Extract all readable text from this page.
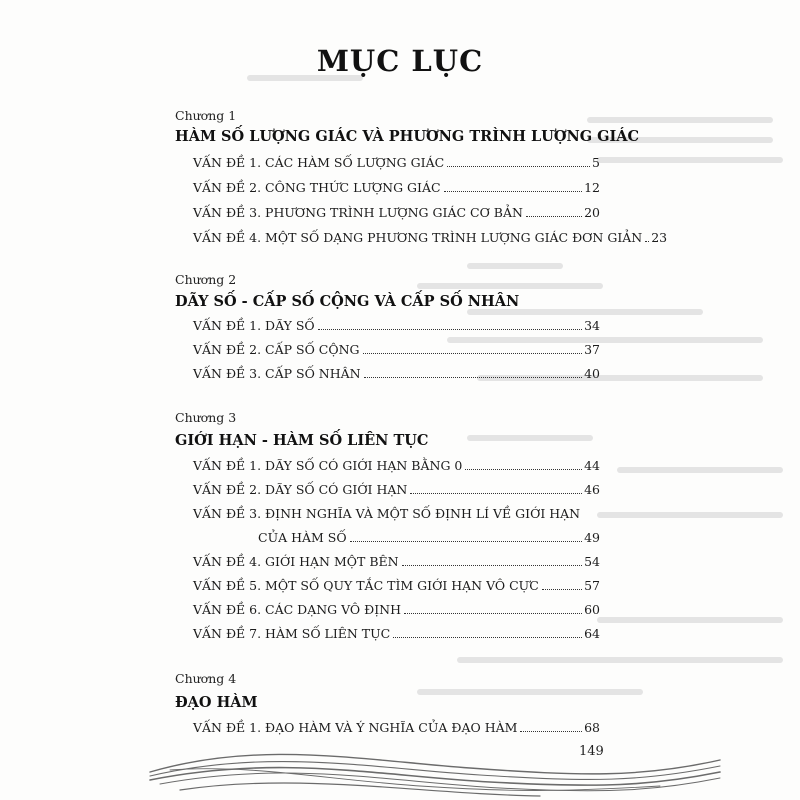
MỤC LỤC
Chương 1
HÀM SỐ LƯỢNG GIÁC VÀ PHƯƠNG TRÌNH LƯỢNG GIÁC
VẤN ĐỀ 1. CÁC HÀM SỐ LƯỢNG GIÁC	5
VẤN ĐỀ 2. CÔNG THỨC LƯỢNG GIÁC	12
VẤN ĐỀ 3. PHƯƠNG TRÌNH LƯỢNG GIÁC CƠ BẢN	20
VẤN ĐỀ 4. MỘT SỐ DẠNG PHƯƠNG TRÌNH LƯỢNG GIÁC ĐƠN GIẢN 23
Chương 2
DÃY SỐ - CẤP SỐ CỘNG VÀ CẤP SỐ NHÂN
VẤN ĐỀ 1. DÃY SỐ	34
VẤN ĐỀ 2. CẤP SỐ CỘNG	37
VẤN ĐỀ 3. CẤP SỐ NHÂN	40
Chương 3
GIỚI HẠN - HÀM SỐ LIÊN TỤC
VẤN ĐỀ 1. DÃY SỐ CÓ GIỚI HẠN BẰNG 0	44
VẤN ĐỀ 2. DÃY SỐ CÓ GIỚI HẠN	46
VẤN ĐỀ 3. ĐỊNH NGHĨA VÀ MỘT SỐ ĐỊNH LÍ VỀ GIỚI HẠN
CỦA HÀM SỐ	49
VẤN ĐỀ 4. GIỚI HẠN MỘT BÊN	54
VẤN ĐỀ 5. MỘT SỐ QUY TẮC TÌM GIỚI HẠN VÔ CỰC	57
VẤN ĐỀ 6. CÁC DẠNG VÔ ĐỊNH	60
VẤN ĐỀ 7. HÀM SỐ LIÊN TỤC	64
Chương 4
ĐẠO HÀM
VẤN ĐỀ 1. ĐẠO HÀM VÀ Ý NGHĨA CỦA ĐẠO HÀM	68
149
